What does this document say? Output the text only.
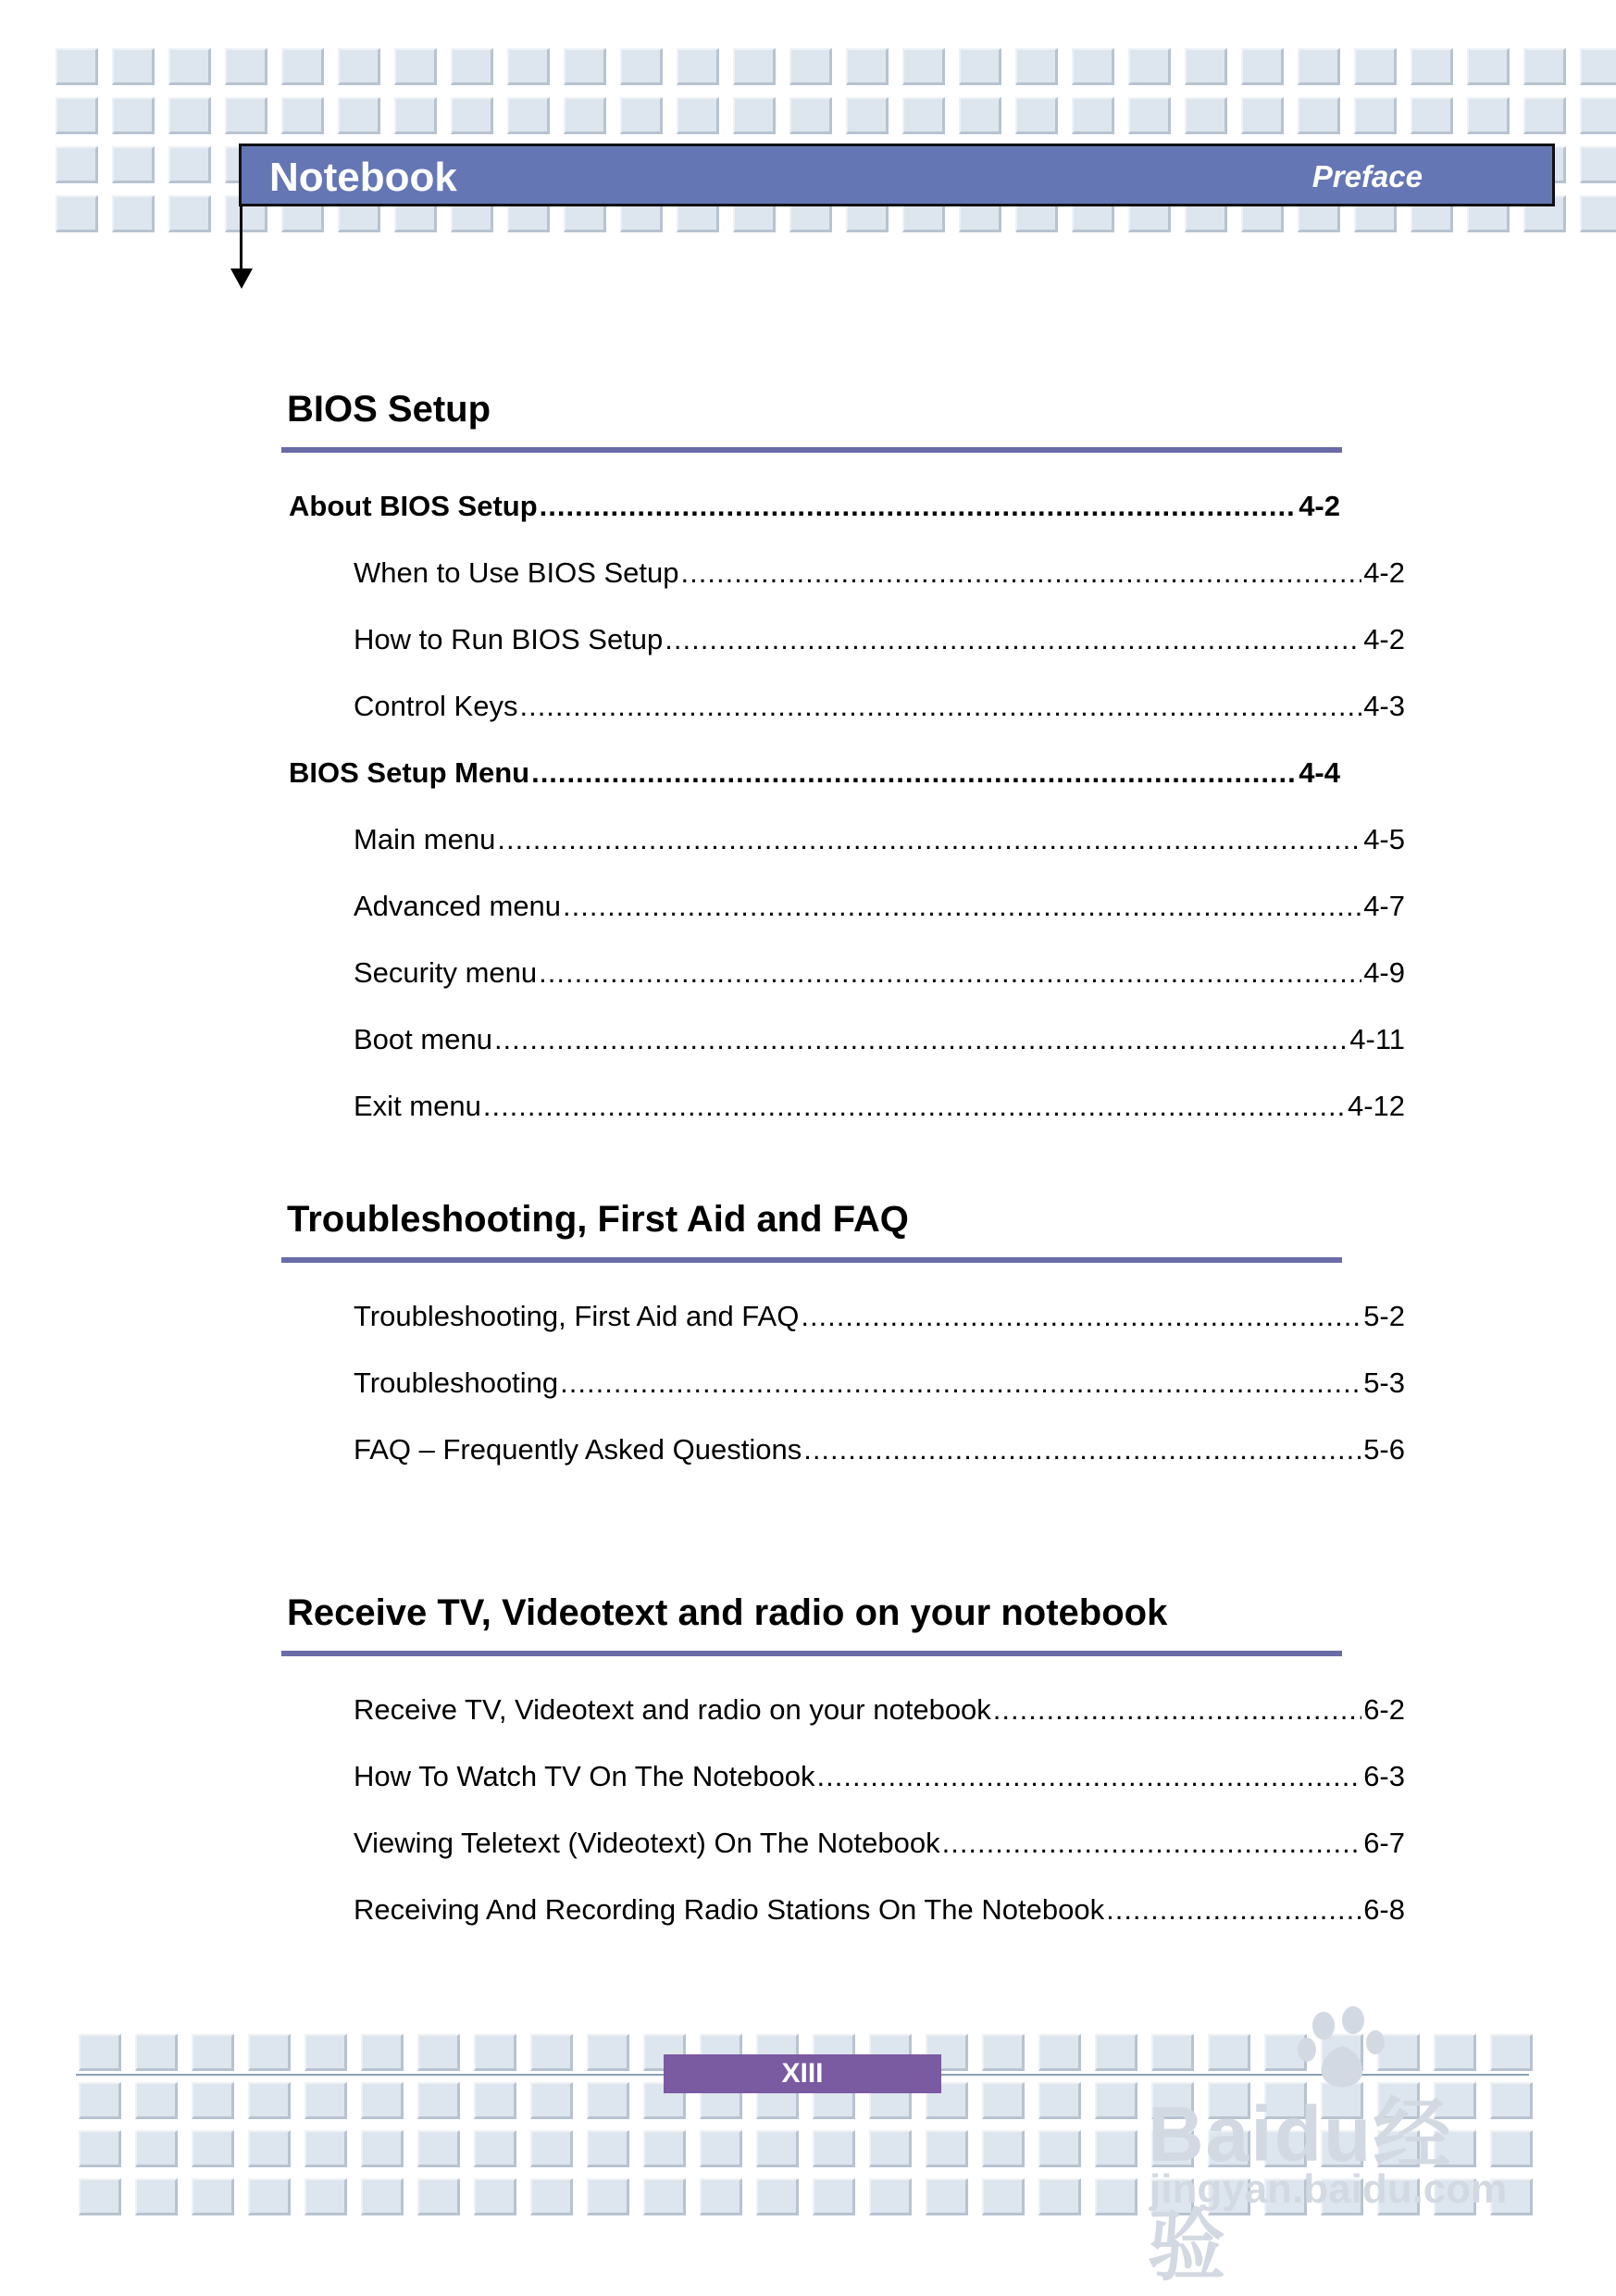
Notebook	Preface
BIOS Setup
About BIOS Setup .....	4-2
When to Use BIOS Setup .....	4-2
How to Run BIOS Setup .....	4-2
Control Keys .....	4-3
BIOS Setup Menu .....	4-4
Main menu .....	4-5
Advanced menu .....	4-7
Security menu .....	4-9
Boot menu .....	4-11
Exit menu .....	4-12
Troubleshooting, First Aid and FAQ
Troubleshooting, First Aid and FAQ .....	5-2
Troubleshooting .....	5-3
FAQ – Frequently Asked Questions .....	5-6
Receive TV, Videotext and radio on your notebook
Receive TV, Videotext and radio on your notebook .....	6-2
How To Watch TV On The Notebook .....	6-3
Viewing Teletext (Videotext) On The Notebook .....	6-7
Receiving And Recording Radio Stations On The Notebook .....	6-8
XIII
Baidu经验
jingyan.baidu.com
